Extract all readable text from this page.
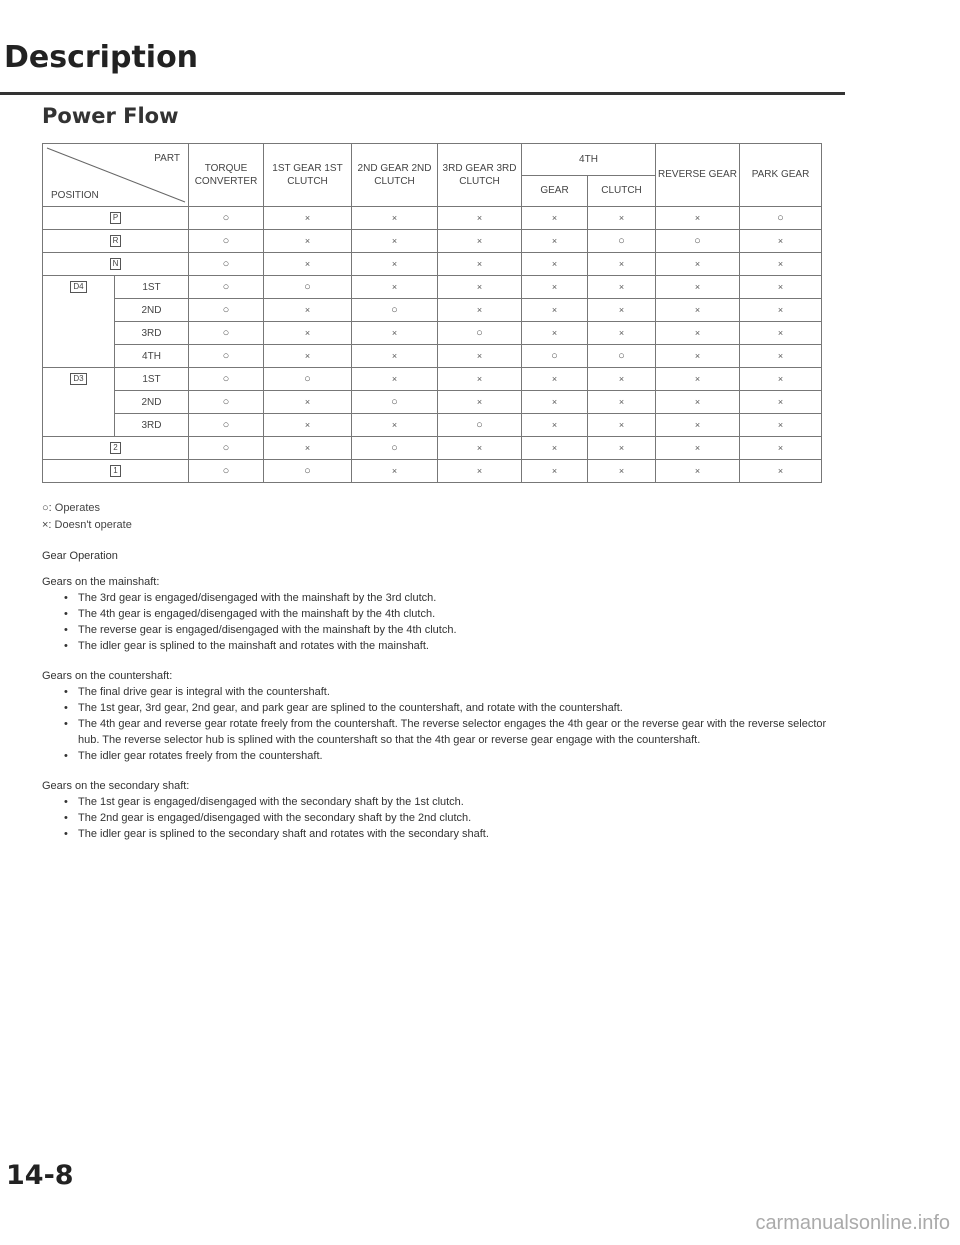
Description
Power Flow
PART
POSITION		TORQUE CONVERTER	1ST GEAR 1ST CLUTCH	2ND GEAR 2ND CLUTCH	3RD GEAR 3RD CLUTCH	4TH		REVERSE GEAR	PARK GEAR
						GEAR	CLUTCH		
P		○	×	×	×	×	×	×	○
R		○	×	×	×	×	○	○	×
N		○	×	×	×	×	×	×	×
D4	1ST	○	○	×	×	×	×	×	×
	2ND	○	×	○	×	×	×	×	×
	3RD	○	×	×	○	×	×	×	×
	4TH	○	×	×	×	○	○	×	×
D3	1ST	○	○	×	×	×	×	×	×
	2ND	○	×	○	×	×	×	×	×
	3RD	○	×	×	○	×	×	×	×
2		○	×	○	×	×	×	×	×
1		○	○	×	×	×	×	×	×
○: Operates
×: Doesn't operate

Gear Operation

Gears on the mainshaft:

• The 3rd gear is engaged/disengaged with the mainshaft by the 3rd clutch.
• The 4th gear is engaged/disengaged with the mainshaft by the 4th clutch.
• The reverse gear is engaged/disengaged with the mainshaft by the 4th clutch.
• The idler gear is splined to the mainshaft and rotates with the mainshaft.

Gears on the countershaft:

• The final drive gear is integral with the countershaft.
• The 1st gear, 3rd gear, 2nd gear, and park gear are splined to the countershaft, and rotate with the countershaft.
• The 4th gear and reverse gear rotate freely from the countershaft. The reverse selector engages the 4th gear or the reverse gear with the reverse selector hub. The reverse selector hub is splined with the countershaft so that the 4th gear or reverse gear engage with the countershaft.
• The idler gear rotates freely from the countershaft.

Gears on the secondary shaft:

• The 1st gear is engaged/disengaged with the secondary shaft by the 1st clutch.
• The 2nd gear is engaged/disengaged with the secondary shaft by the 2nd clutch.
• The idler gear is splined to the secondary shaft and rotates with the secondary shaft.
14-8
carmanualsonline.info
